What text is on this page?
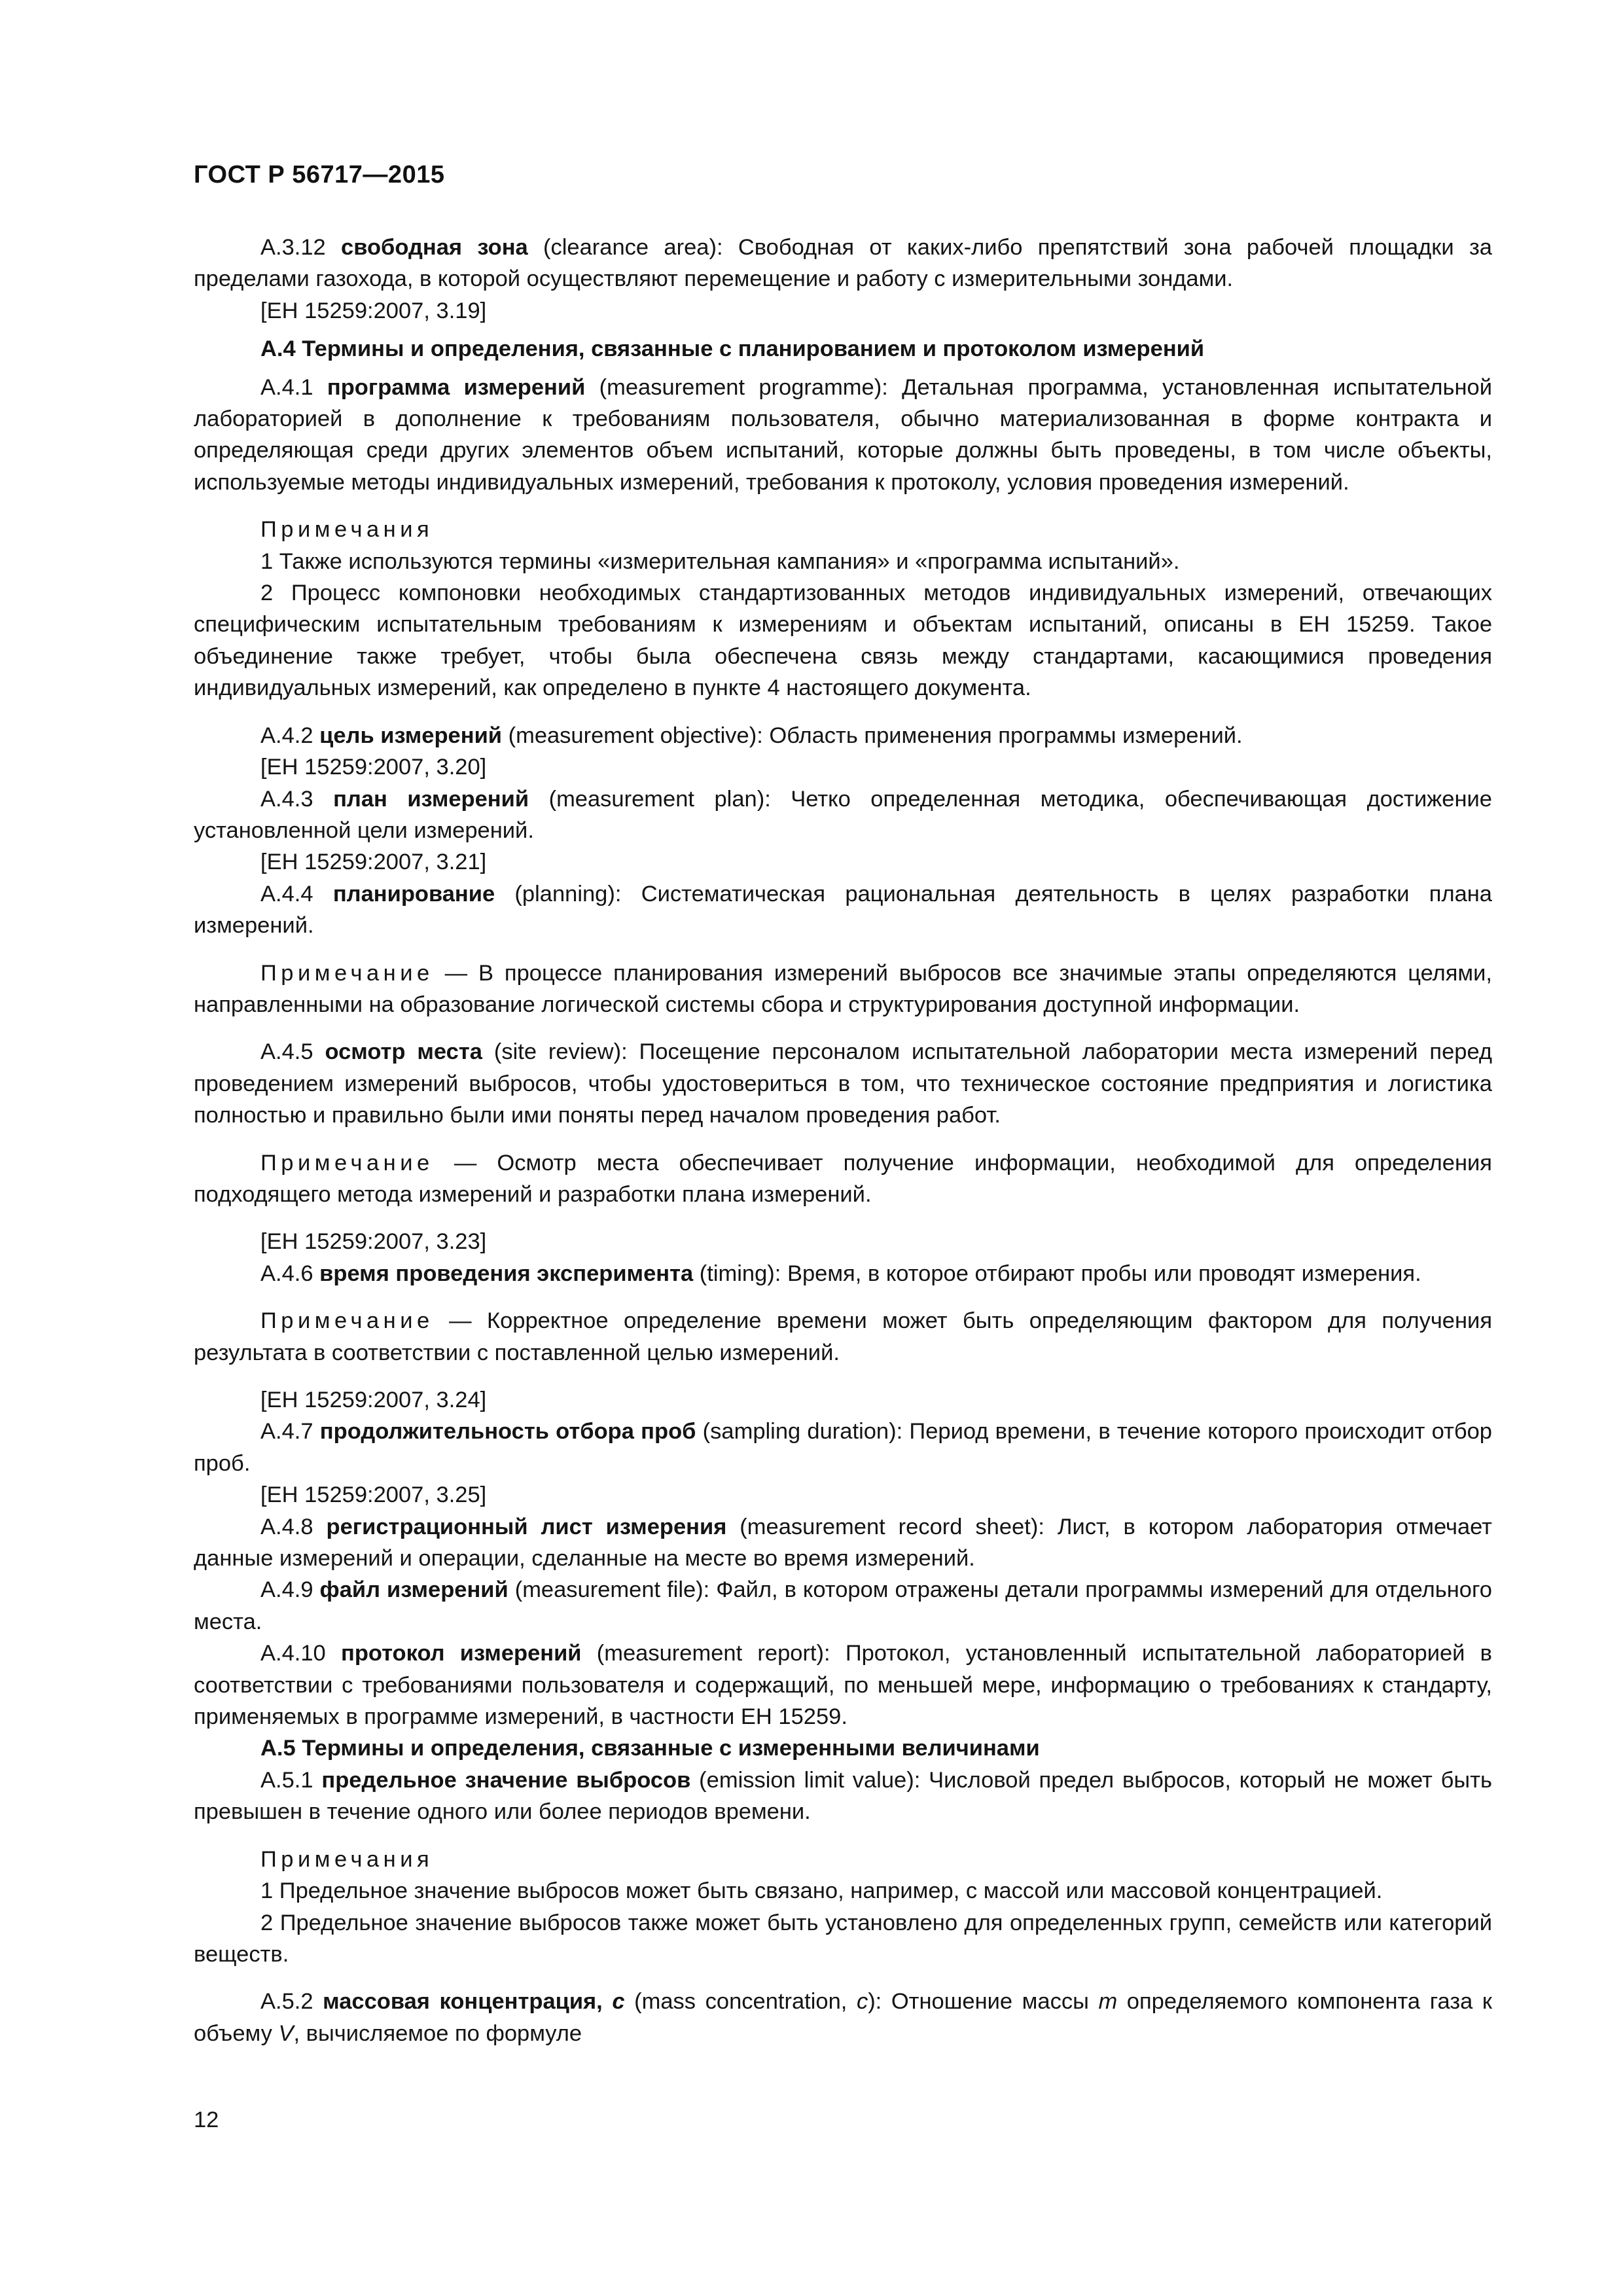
ГОСТ Р 56717—2015

А.3.12 свободная зона (clearance area): Свободная от каких-либо препятствий зона рабочей площадки за пределами газохода, в которой осуществляют перемещение и работу с измерительными зондами.

[ЕН 15259:2007, 3.19]

А.4 Термины и определения, связанные с планированием и протоколом измерений

А.4.1 программа измерений (measurement programme): Детальная программа, установленная испытательной лабораторией в дополнение к требованиям пользователя, обычно материализованная в форме контракта и определяющая среди других элементов объем испытаний, которые должны быть проведены, в том числе объекты, используемые методы индивидуальных измерений, требования к протоколу, условия проведения измерений.

Примечания

1 Также используются термины «измерительная кампания» и «программа испытаний».

2 Процесс компоновки необходимых стандартизованных методов индивидуальных измерений, отвечающих специфическим испытательным требованиям к измерениям и объектам испытаний, описаны в ЕН 15259. Такое объединение также требует, чтобы была обеспечена связь между стандартами, касающимися проведения индивидуальных измерений, как определено в пункте 4 настоящего документа.

А.4.2 цель измерений (measurement objective): Область применения программы измерений.

[ЕН 15259:2007, 3.20]

А.4.3 план измерений (measurement plan): Четко определенная методика, обеспечивающая достижение установленной цели измерений.

[ЕН 15259:2007, 3.21]

А.4.4 планирование (planning): Систематическая рациональная деятельность в целях разработки плана измерений.

Примечание — В процессе планирования измерений выбросов все значимые этапы определяются целями, направленными на образование логической системы сбора и структурирования доступной информации.

А.4.5 осмотр места (site review): Посещение персоналом испытательной лаборатории места измерений перед проведением измерений выбросов, чтобы удостовериться в том, что техническое состояние предприятия и логистика полностью и правильно были ими поняты перед началом проведения работ.

Примечание — Осмотр места обеспечивает получение информации, необходимой для определения подходящего метода измерений и разработки плана измерений.

[ЕН 15259:2007, 3.23]

А.4.6 время проведения эксперимента (timing): Время, в которое отбирают пробы или проводят измерения.

Примечание — Корректное определение времени может быть определяющим фактором для получения результата в соответствии с поставленной целью измерений.

[ЕН 15259:2007, 3.24]

А.4.7 продолжительность отбора проб (sampling duration): Период времени, в течение которого происходит отбор проб.

[ЕН 15259:2007, 3.25]

А.4.8 регистрационный лист измерения (measurement record sheet): Лист, в котором лаборатория отмечает данные измерений и операции, сделанные на месте во время измерений.

А.4.9 файл измерений (measurement file): Файл, в котором отражены детали программы измерений для отдельного места.

А.4.10 протокол измерений (measurement report): Протокол, установленный испытательной лабораторией в соответствии с требованиями пользователя и содержащий, по меньшей мере, информацию о требованиях к стандарту, применяемых в программе измерений, в частности ЕН 15259.

А.5 Термины и определения, связанные с измеренными величинами

А.5.1 предельное значение выбросов (emission limit value): Числовой предел выбросов, который не может быть превышен в течение одного или более периодов времени.

Примечания

1 Предельное значение выбросов может быть связано, например, с массой или массовой концентрацией.

2 Предельное значение выбросов также может быть установлено для определенных групп, семейств или категорий веществ.

А.5.2 массовая концентрация, c (mass concentration, c): Отношение массы m определяемого компонента газа к объему V, вычисляемое по формуле

12
